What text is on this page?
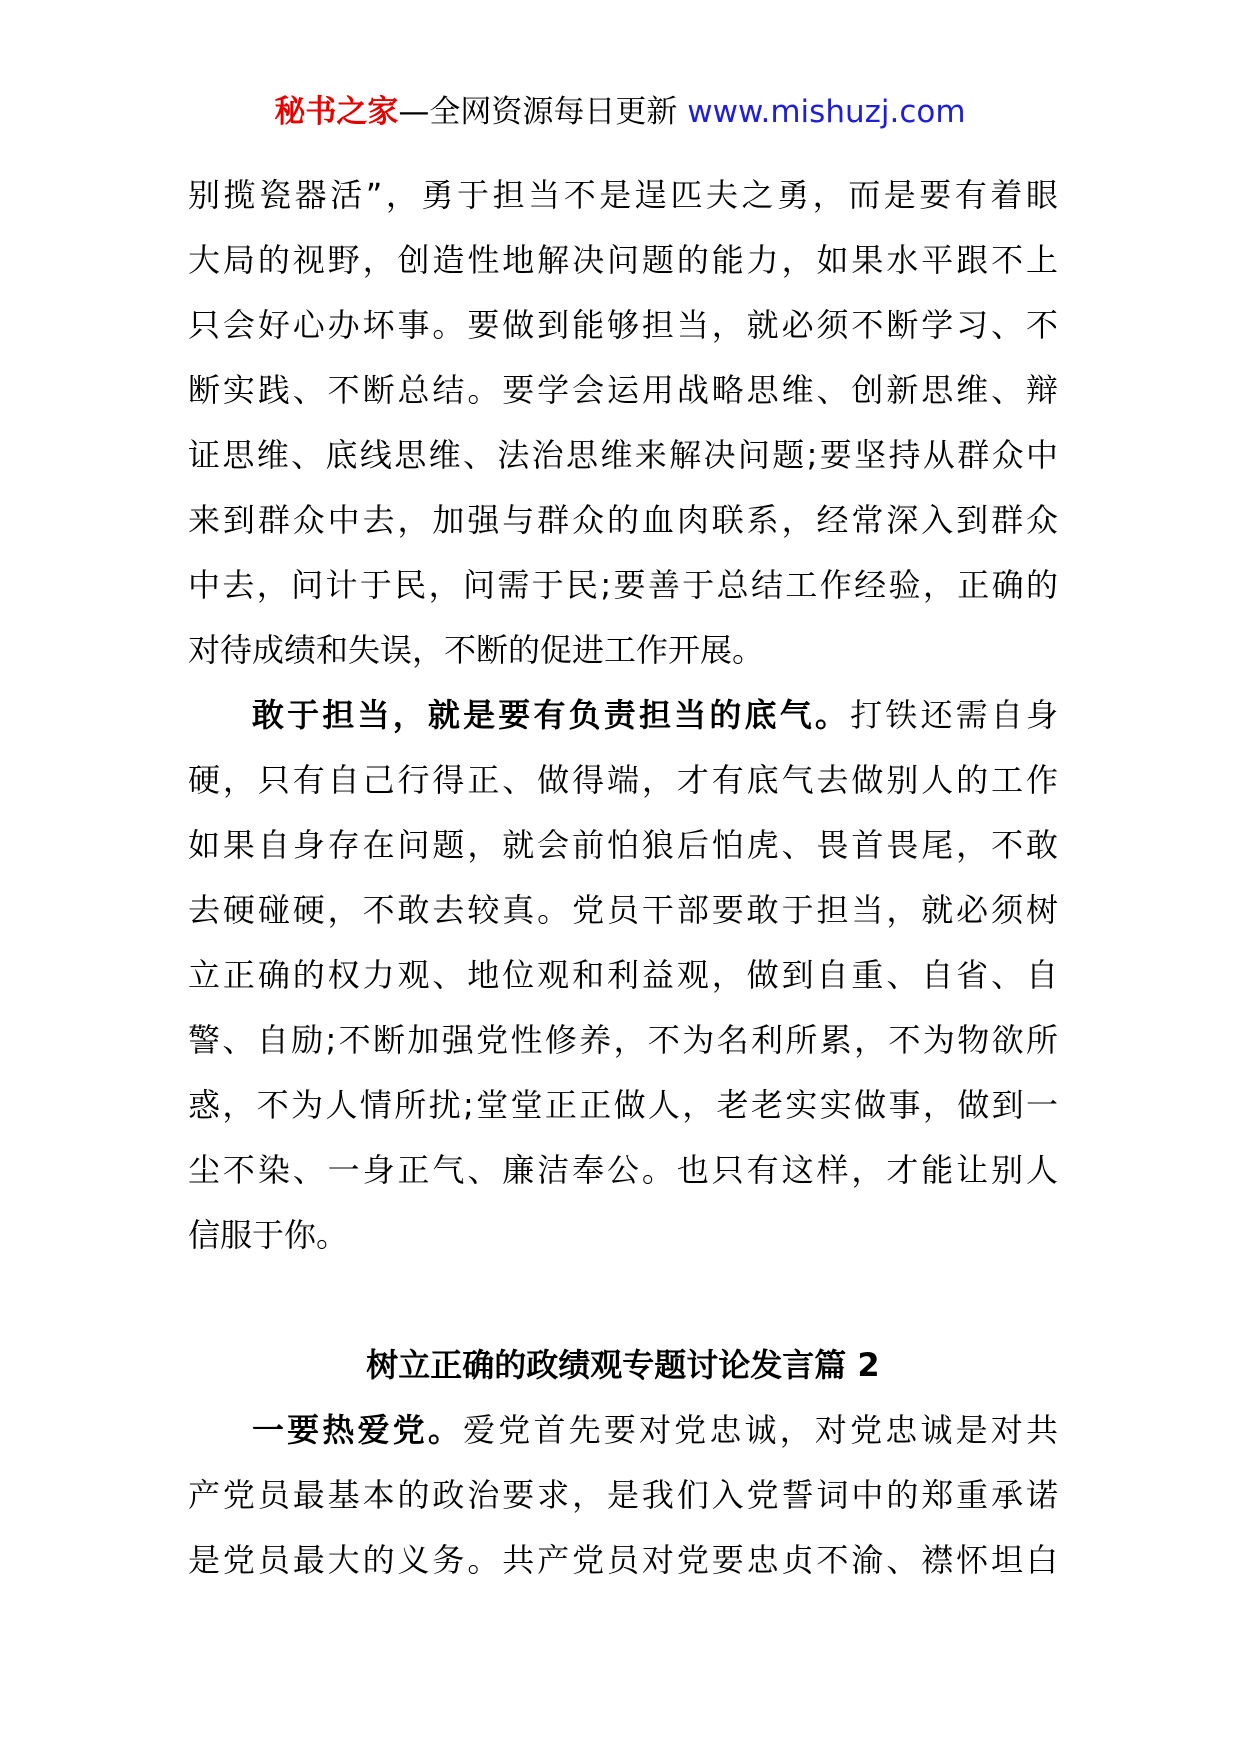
秘书之家—全网资源每日更新 www.mishuzj.com
别揽瓷器活”，勇于担当不是逞匹夫之勇，而是要有着眼
大局的视野，创造性地解决问题的能力，如果水平跟不上
只会好心办坏事。要做到能够担当，就必须不断学习、不
断实践、不断总结。要学会运用战略思维、创新思维、辩
证思维、底线思维、法治思维来解决问题;要坚持从群众中
来到群众中去，加强与群众的血肉联系，经常深入到群众
中去，问计于民，问需于民;要善于总结工作经验，正确的
对待成绩和失误，不断的促进工作开展。
敢于担当，就是要有负责担当的底气。打铁还需自身
硬，只有自己行得正、做得端，才有底气去做别人的工作
如果自身存在问题，就会前怕狼后怕虎、畏首畏尾，不敢
去硬碰硬，不敢去较真。党员干部要敢于担当，就必须树
立正确的权力观、地位观和利益观，做到自重、自省、自
警、自励;不断加强党性修养，不为名利所累，不为物欲所
惑，不为人情所扰;堂堂正正做人，老老实实做事，做到一
尘不染、一身正气、廉洁奉公。也只有这样，才能让别人
信服于你。
树立正确的政绩观专题讨论发言篇 2
一要热爱党。爱党首先要对党忠诚，对党忠诚是对共
产党员最基本的政治要求，是我们入党誓词中的郑重承诺
是党员最大的义务。共产党员对党要忠贞不渝、襟怀坦白
